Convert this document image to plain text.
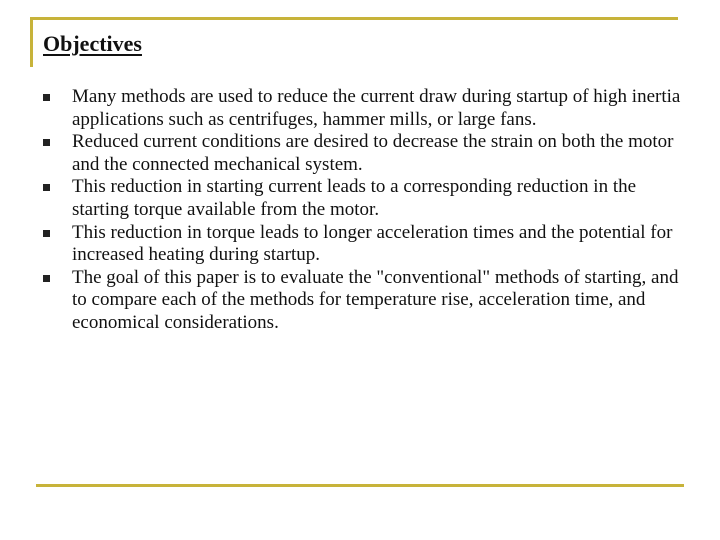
Objectives
Many methods are used to reduce the current draw during startup of high inertia applications such as centrifuges, hammer mills, or large fans.
Reduced current conditions are desired to decrease the strain on both the motor and the connected mechanical system.
This reduction in starting current leads to a corresponding reduction in the starting torque available from the motor.
This reduction in torque leads to longer acceleration times and the potential for increased heating during startup.
The goal of this paper is to evaluate the "conventional" methods of starting, and to compare each of the methods for temperature rise, acceleration time, and economical considerations.
